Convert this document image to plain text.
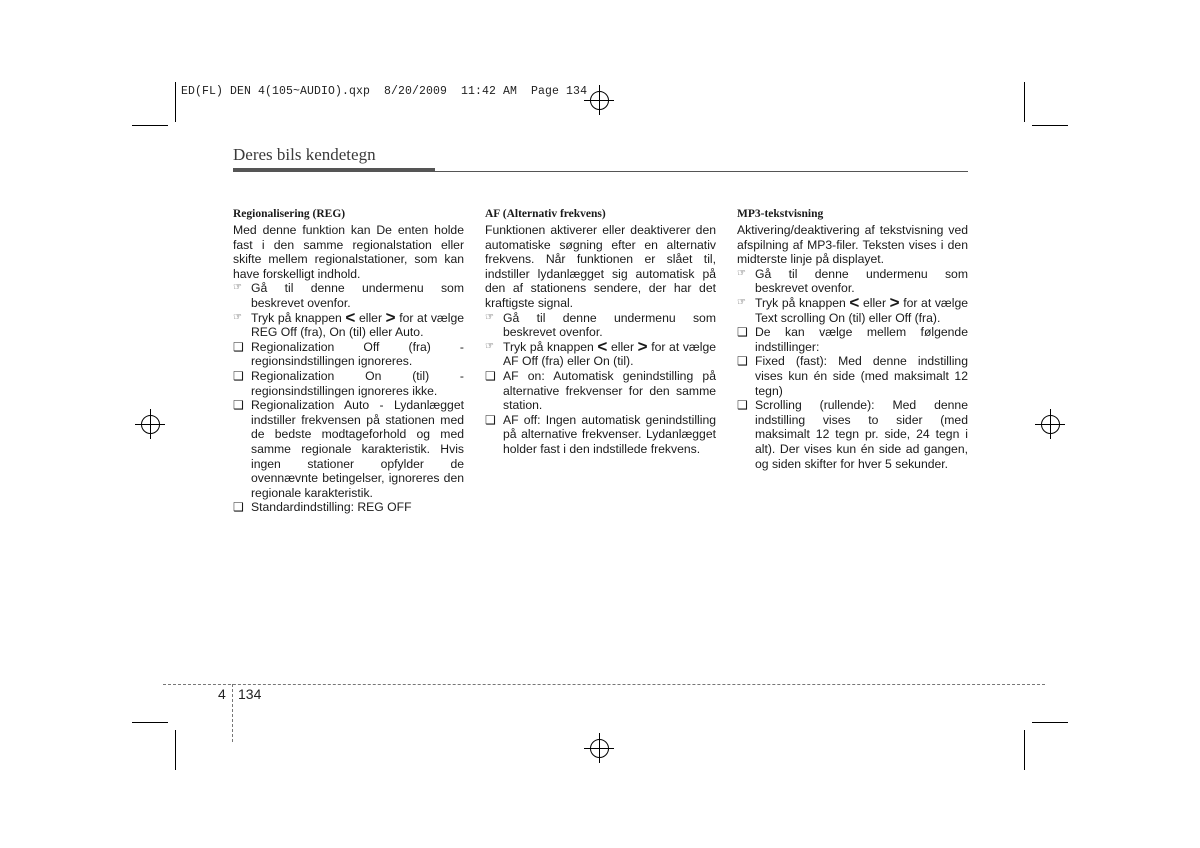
ED(FL) DEN 4(105~AUDIO).qxp  8/20/2009  11:42 AM  Page 134
Deres bils kendetegn
Regionalisering (REG)

Med denne funktion kan De enten holde fast i den samme regionalstation eller skifte mellem regionalstationer, som kan have forskelligt indhold.

☞ Gå til denne undermenu som beskrevet ovenfor.
☞ Tryk på knappen < eller > for at vælge REG Off (fra), On (til) eller Auto.
❑ Regionalization Off (fra) - regionsindstillingen ignoreres.
❑ Regionalization On (til) - regionsindstillingen ignoreres ikke.
❑ Regionalization Auto - Lydanlægget indstiller frekvensen på stationen med de bedste modtageforhold og med samme regionale karakteristik. Hvis ingen stationer opfylder de ovennævnte betingelser, ignoreres den regionale karakteristik.
❑ Standardindstilling: REG OFF
AF (Alternativ frekvens)

Funktionen aktiverer eller deaktiverer den automatiske søgning efter en alternativ frekvens. Når funktionen er slået til, indstiller lydanlægget sig automatisk på den af stationens sendere, der har det kraftigste signal.

☞ Gå til denne undermenu som beskrevet ovenfor.
☞ Tryk på knappen < eller > for at vælge AF Off (fra) eller On (til).
❑ AF on: Automatisk genindstilling på alternative frekvenser for den samme station.
❑ AF off: Ingen automatisk genindstilling på alternative frekvenser. Lydanlægget holder fast i den indstillede frekvens.
MP3-tekstvisning

Aktivering/deaktivering af tekstvisning ved afspilning af MP3-filer. Teksten vises i den midterste linje på displayet.

☞ Gå til denne undermenu som beskrevet ovenfor.
☞ Tryk på knappen < eller > for at vælge Text scrolling On (til) eller Off (fra).
❑ De kan vælge mellem følgende indstillinger:
❑ Fixed (fast): Med denne indstilling vises kun én side (med maksimalt 12 tegn)
❑ Scrolling (rullende): Med denne indstilling vises to sider (med maksimalt 12 tegn pr. side, 24 tegn i alt). Der vises kun én side ad gangen, og siden skifter for hver 5 sekunder.
4 134
